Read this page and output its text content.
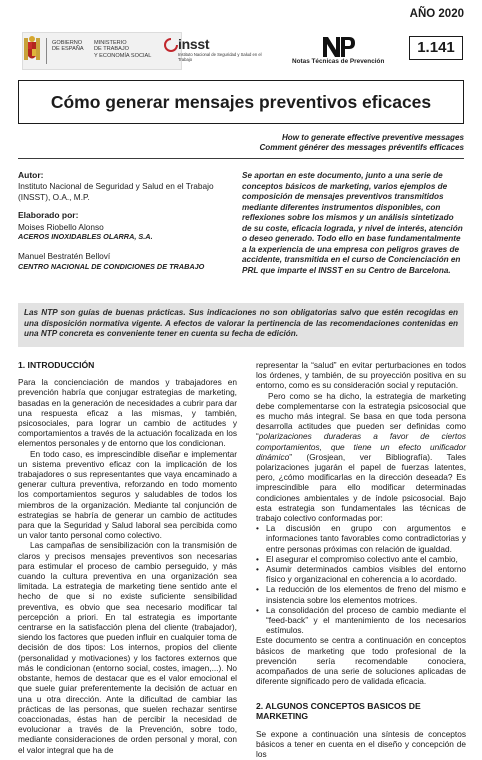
AÑO 2020
GOBIERNO
DE ESPAÑA
MINISTERIO
DE TRABAJO
Y ECONOMÍA SOCIAL
insst
Instituto Nacional de Seguridad y Salud en el Trabajo	Notas Técnicas de Prevención
1.141
Cómo generar mensajes preventivos eficaces
How to generate effective preventive messages
Comment générer des messages préventifs efficaces
Autor:
Instituto Nacional de Seguridad y Salud en el Trabajo (INSST), O.A., M.P.
Elaborado por:
Moises Riobello Alonso
ACEROS INOXIDABLES OLARRA, S.A.
Manuel Bestratén Belloví
CENTRO NACIONAL DE CONDICIONES DE TRABAJO
Se aportan en este documento, junto a una serie de conceptos básicos de marketing, varios ejemplos de composición de mensajes preventivos transmitidos mediante diferentes instrumentos disponibles, con reflexiones sobre los mismos y un análisis sintetizado de su coste, eficacia lograda, y nivel de interés, atención o deseo generado. Todo ello en base fundamentalmente a la experiencia de una empresa con peligros graves de accidente, transmitida en el curso de Concienciación en PRL que imparte el INSST en su Centro de Barcelona.
Las NTP son guías de buenas prácticas. Sus indicaciones no son obligatorias salvo que estén recogidas en una disposición normativa vigente. A efectos de valorar la pertinencia de las recomendaciones contenidas en una NTP concreta es conveniente tener en cuenta su fecha de edición.
1. INTRODUCCIÓN
Para la concienciación de mandos y trabajadores en prevención habría que conjugar estrategias de marketing, basadas en la generación de necesidades a cubrir para dar una respuesta eficaz a las mismas, y también, psicosociales, para lograr un cambio de actitudes y comportamientos a través de la actuación focalizada en los elementos personales y de entorno que los condicionan.
En todo caso, es imprescindible diseñar e implementar un sistema preventivo eficaz con la implicación de los trabajadores o sus representantes que vaya encaminado a generar cultura preventiva, reforzando en todo momento los comportamientos seguros y saludables de todos los miembros de la organización. Mediante tal conjunción de estrategias se habría de generar un cambio de actitudes para que la Seguridad y Salud laboral sea percibida como un valor tanto personal como colectivo.
Las campañas de sensibilización con la transmisión de claros y precisos mensajes preventivos son necesarias para estimular el proceso de cambio perseguido, y más cuando la cultura preventiva en una organización sea limitada. La estrategia de marketing tiene sentido ante el hecho de que si no existe suficiente sensibilidad preventiva, es obvio que sea necesario modificar tal percepción a priori. En tal estrategia es importante centrarse en la satisfacción plena del cliente (trabajador), siendo los factores que pueden influir en cualquier toma de decisión de dos tipos: Los internos, propios del cliente (personalidad y motivaciones) y los factores externos que más le condicionan (entorno social, costes, imagen,...). No obstante, hemos de destacar que es el valor emocional el que suele guiar preferentemente la decisión de actuar en una u otra dirección. Ante la dificultad de cambiar las prácticas de las personas, que suelen rechazar sentirse coaccionadas, éstas han de percibir la necesidad de evolucionar a través de la Prevención, sobre todo, mediante consideraciones de orden personal y moral, con el valor integral que ha de
representar la “salud” en evitar perturbaciones en todos los órdenes, y también, de su proyección positiva en su entorno, como es su consideración social y reputación.
Pero como se ha dicho, la estrategia de marketing debe complementarse con la estrategia psicosocial que es mucho más integral. Se basa en que toda persona desarrolla actitudes que pueden ser definidas como “polarizaciones duraderas a favor de ciertos comportamientos, que tiene un efecto unificador dinámico” (Grosjean, ver Bibliografía). Tales polarizaciones jugarán el papel de fuerzas latentes, pero, ¿cómo modificarlas en la dirección deseada? Es imprescindible para ello modificar determinadas condiciones ambientales y de índole psicosocial. Bajo esta estrategia son fundamentales las técnicas de trabajo colectivo conformadas por:
• La discusión en grupo con argumentos e informaciones tanto favorables como contradictorias y entre personas próximas con relación de igualdad.
• El asegurar el compromiso colectivo ante el cambio,
• Asumir determinados cambios visibles del entorno físico y organizacional en coherencia a lo acordado.
• La reducción de los elementos de freno del mismo e insistencia sobre los elementos motrices.
• La consolidación del proceso de cambio mediante el “feed-back” y el mantenimiento de los necesarios estímulos.
Este documento se centra a continuación en conceptos básicos de marketing que todo profesional de la prevención sería recomendable conociera, acompañados de una serie de soluciones aplicadas de diferente significado pero de validada eficacia.
2. ALGUNOS CONCEPTOS BASICOS DE MARKETING
Se expone a continuación una síntesis de conceptos básicos a tener en cuenta en el diseño y concepción de los
